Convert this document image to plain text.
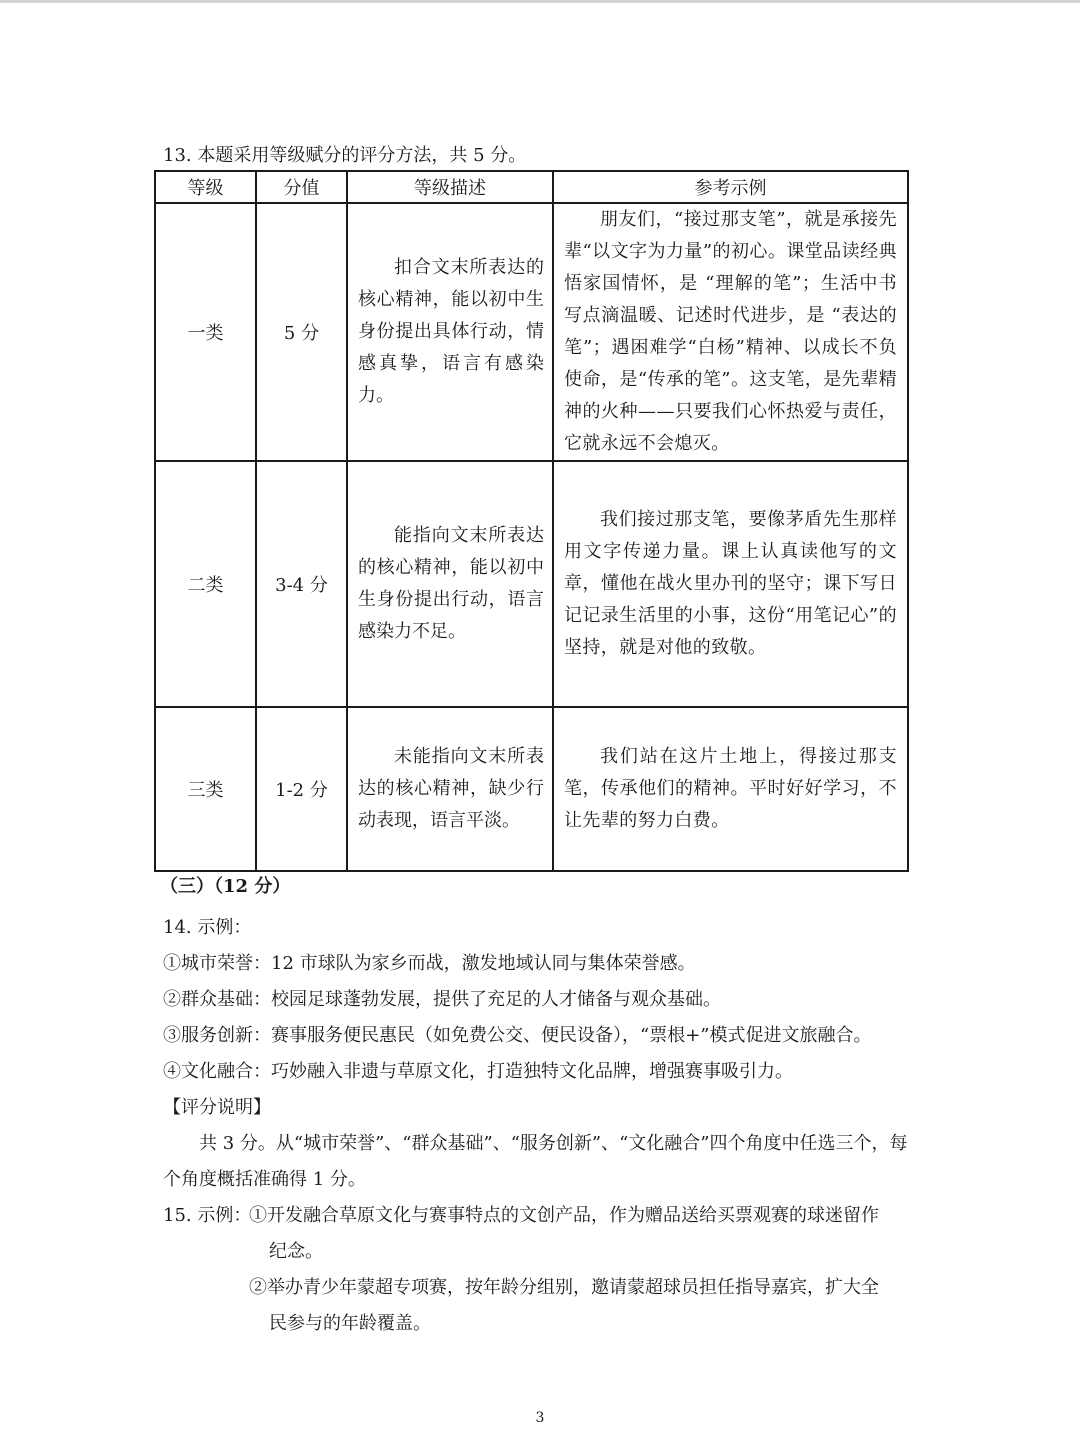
13. 本题采用等级赋分的评分方法，共 5 分。
等级	分值	等级描述	参考示例
一类	5 分	扣合文末所表达的核心精神，能以初中生身份提出具体行动，情感真挚，语言有感染力。	朋友们，“接过那支笔”，就是承接先辈“以文字为力量”的初心。课堂品读经典悟家国情怀，是 “理解的笔”；生活中书写点滴温暖、记述时代进步，是 “表达的笔”；遇困难学“白杨”精神、以成长不负使命，是“传承的笔”。这支笔，是先辈精神的火种——只要我们心怀热爱与责任，它就永远不会熄灭。

二类	3-4 分	能指向文末所表达的核心精神，能以初中生身份提出行动，语言感染力不足。	我们接过那支笔，要像茅盾先生那样用文字传递力量。课上认真读他写的文章，懂他在战火里办刊的坚守；课下写日记记录生活里的小事，这份“用笔记心”的坚持，就是对他的致敬。

三类	1-2 分	未能指向文末所表达的核心精神，缺少行动表现，语言平淡。	我们站在这片土地上，得接过那支笔，传承他们的精神。平时好好学习，不让先辈的努力白费。

（三）（12 分）
14. 示例：
①城市荣誉：12 市球队为家乡而战，激发地域认同与集体荣誉感。
②群众基础：校园足球蓬勃发展，提供了充足的人才储备与观众基础。
③服务创新：赛事服务便民惠民（如免费公交、便民设备），“票根+”模式促进文旅融合。
④文化融合：巧妙融入非遗与草原文化，打造独特文化品牌，增强赛事吸引力。
【评分说明】

共 3 分。从“城市荣誉”、“群众基础”、“服务创新”、“文化融合”四个角度中任选三个，每个角度概括准确得 1 分。

15. 示例：①开发融合草原文化与赛事特点的文创产品，作为赠品送给买票观赛的球迷留作
纪念。
②举办青少年蒙超专项赛，按年龄分组别，邀请蒙超球员担任指导嘉宾，扩大全
民参与的年龄覆盖。
3
